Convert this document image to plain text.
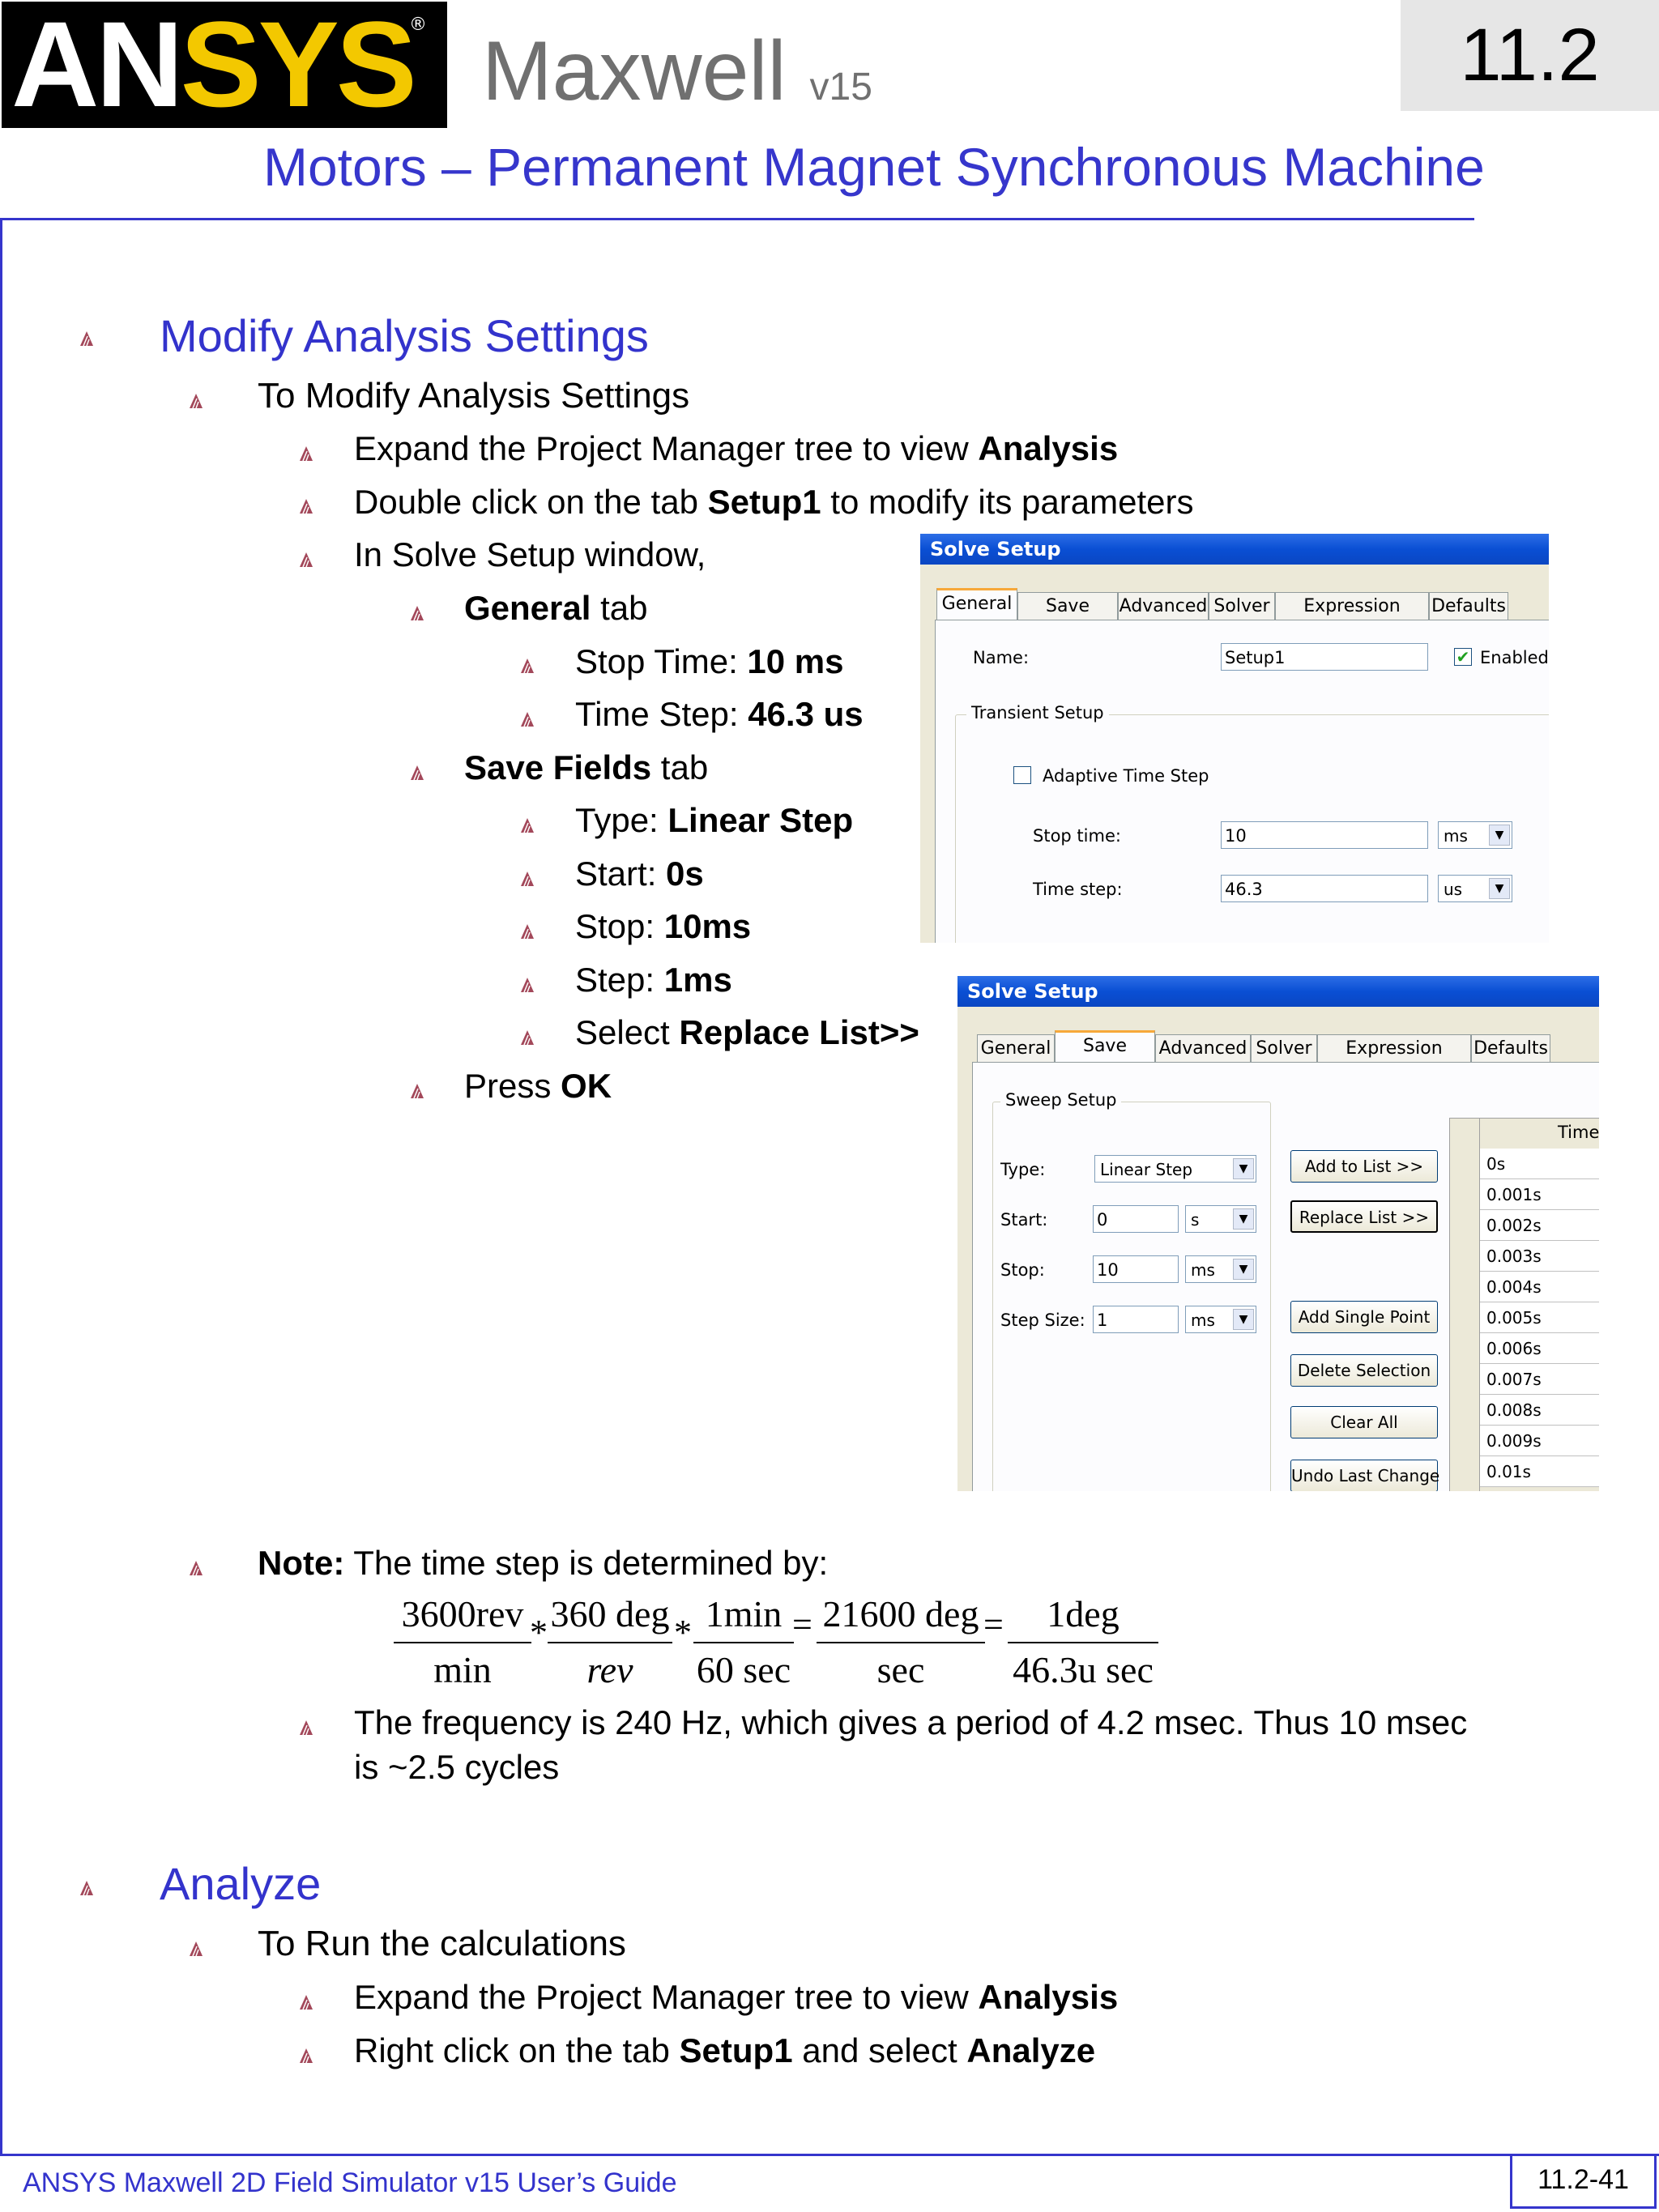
ANSYS
® Maxwell v15	11.2
Motors – Permanent Magnet Synchronous Machine
Modify Analysis Settings
To Modify Analysis Settings
Expand the Project Manager tree to view Analysis
Double click on the tab Setup1 to modify its parameters
In Solve Setup window,
General tab
Stop Time: 10 ms
Time Step: 46.3 us
Save Fields tab
Type: Linear Step
Start: 0s
Stop: 10ms
Step: 1ms
Select Replace List>>
Press OK
Solve Setup
General	Save	Advanced Solver	Expression	Defaults
Name:	Setup1	✔ Enabled
Transient Setup
Adaptive Time Step
Stop time:	10	ms	▼
Time step:	46.3	us	▼
Solve Setup
General	Save	Advanced Solver	Expression	Defaults
Sweep Setup
Type:	Linear Step	▼
Start:	0	s	▼
Stop:	10	ms	▼
Step Size: 1	ms	▼
Add to List >>
Replace List >>
Add Single Point
Delete Selection
Clear All
Undo Last Change
Time
0s
0.001s
0.002s
0.003s
0.004s
0.005s
0.006s
0.007s
0.008s
0.009s
0.01s
Note: The time step is determined by:
3600rev
min
* 360 deg
rev
* 1min
60 sec
= 21600 deg
sec
=	1deg
46.3u sec
The frequency is 240 Hz, which gives a period of 4.2 msec. Thus 10 msec
is ~2.5 cycles
Analyze
To Run the calculations
Expand the Project Manager tree to view Analysis
Right click on the tab Setup1 and select Analyze
ANSYS Maxwell 2D Field Simulator v15 User’s Guide	11.2-41
